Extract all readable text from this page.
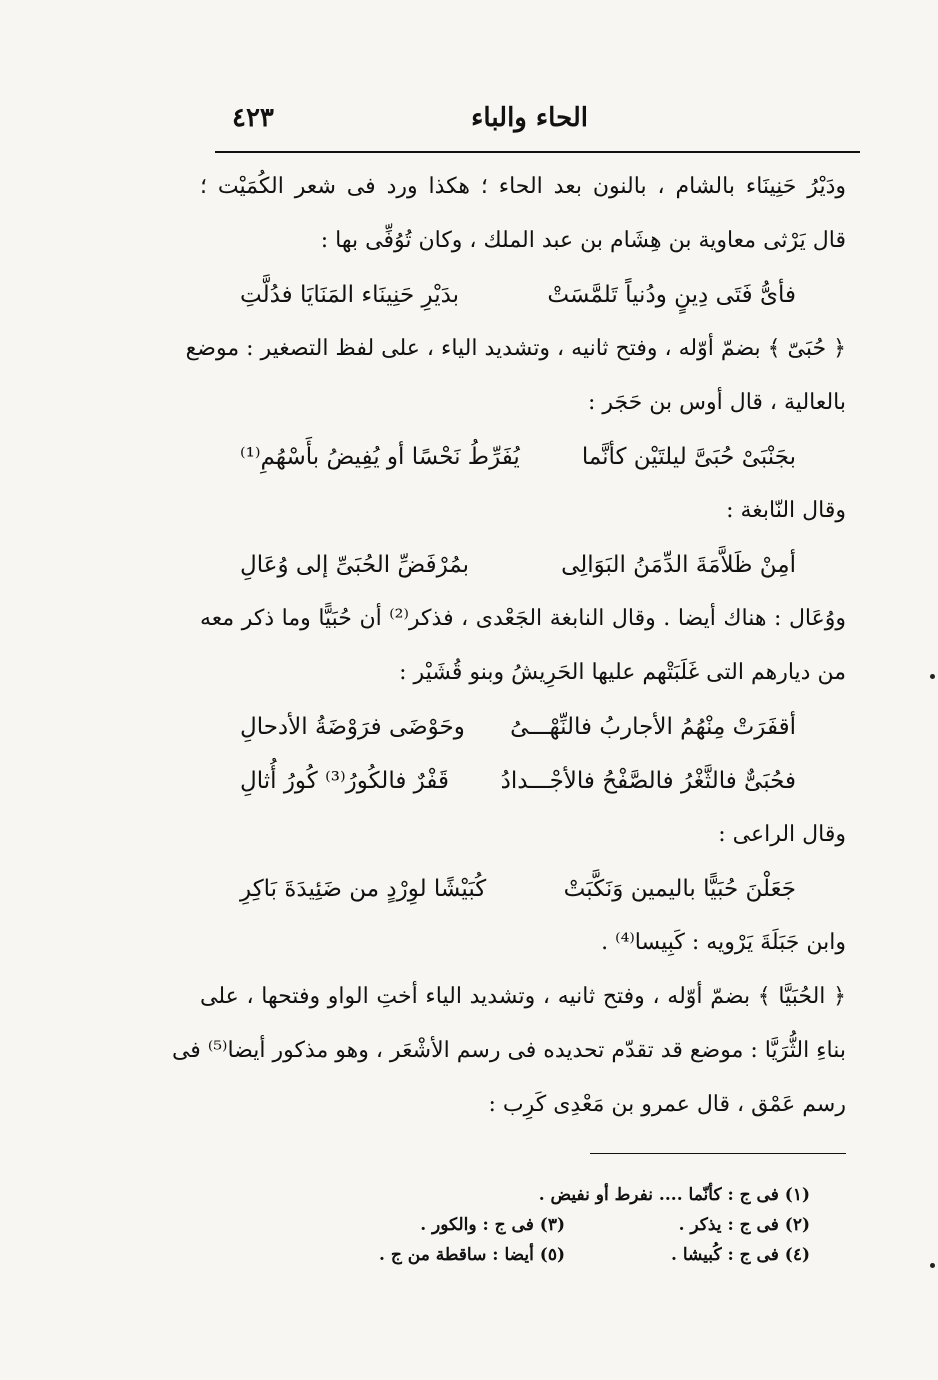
٤٢٣	الحاء والباء
ودَيْرُ حَنِينَاء بالشام ، بالنون بعد الحاء ؛ هكذا ورد فى شعر الكُمَيْت ؛
قال يَرْثى معاوية بن هِشَام بن عبد الملك ، وكان تُوُفِّى بها :
فأىُّ فَتَى دِينٍ ودُنياً تَلمَّسَتْ
بدَيْرِ حَنِينَاء المَنَايَا فدُلَّتِ
﴿ حُبَىّ ﴾ بضمّ أوّله ، وفتح ثانيه ، وتشديد الياء ، على لفظ التصغير : موضع
بالعالية ، قال أوس بن حَجَر :
بجَنْبَىْ حُبَىَّ ليلتَيْن كأنَّما
يُفَرِّطُ نَحْسًا أو يُفِيضُ بأَسْهُمِ⁽¹⁾
وقال النّابغة :
أمِنْ ظَلاَّمَةَ الدِّمَنُ البَوَالِى
بمُرْفَضِّ الحُبَىِّ إلى وُعَالِ
ووُعَال : هناك أيضا . وقال النابغة الجَعْدى ، فذكر⁽²⁾ أن حُبَيًّا وما ذكر معه
من ديارهم التى غَلَبَتْهم عليها الحَرِيشُ وبنو قُشَيْر :
أقفَرَتْ مِنْهُمُ الأجاربُ فالنِّهْـــىُ
وحَوْضَى فرَوْضَةُ الأدحالِ
فحُبَىٌّ فالثَّغْرُ فالصَّفْحُ فالأجْـــدادُ
قَفْرٌ فالكُورُ⁽³⁾ كُورُ أُثالِ
وقال الراعى :
جَعَلْنَ حُبَيًّا باليمين وَنَكَّبَتْ
كُبَيْشًا لوِرْدٍ من ضَئِيدَةَ بَاكِرِ
وابن جَبَلَةَ يَرْويه : كَبِيسا⁽⁴⁾ .
﴿ الحُبَيَّا ﴾ بضمّ أوّله ، وفتح ثانيه ، وتشديد الياء أختِ الواو وفتحها ، على
بناءِ الثُّرَيَّا : موضع قد تقدّم تحديده فى رسم الأشْعَر ، وهو مذكور أيضا⁽⁵⁾ فى
رسم عَمْق ، قال عمرو بن مَعْدِى كَرِب :
(١) فى ج : كأنّما .... نفرط أو نفيض .
(٢) فى ج : يذكر .
(٣) فى ج : والكور .
(٤) فى ج : كُبيشا .
(٥) أيضا : ساقطة من ج .
